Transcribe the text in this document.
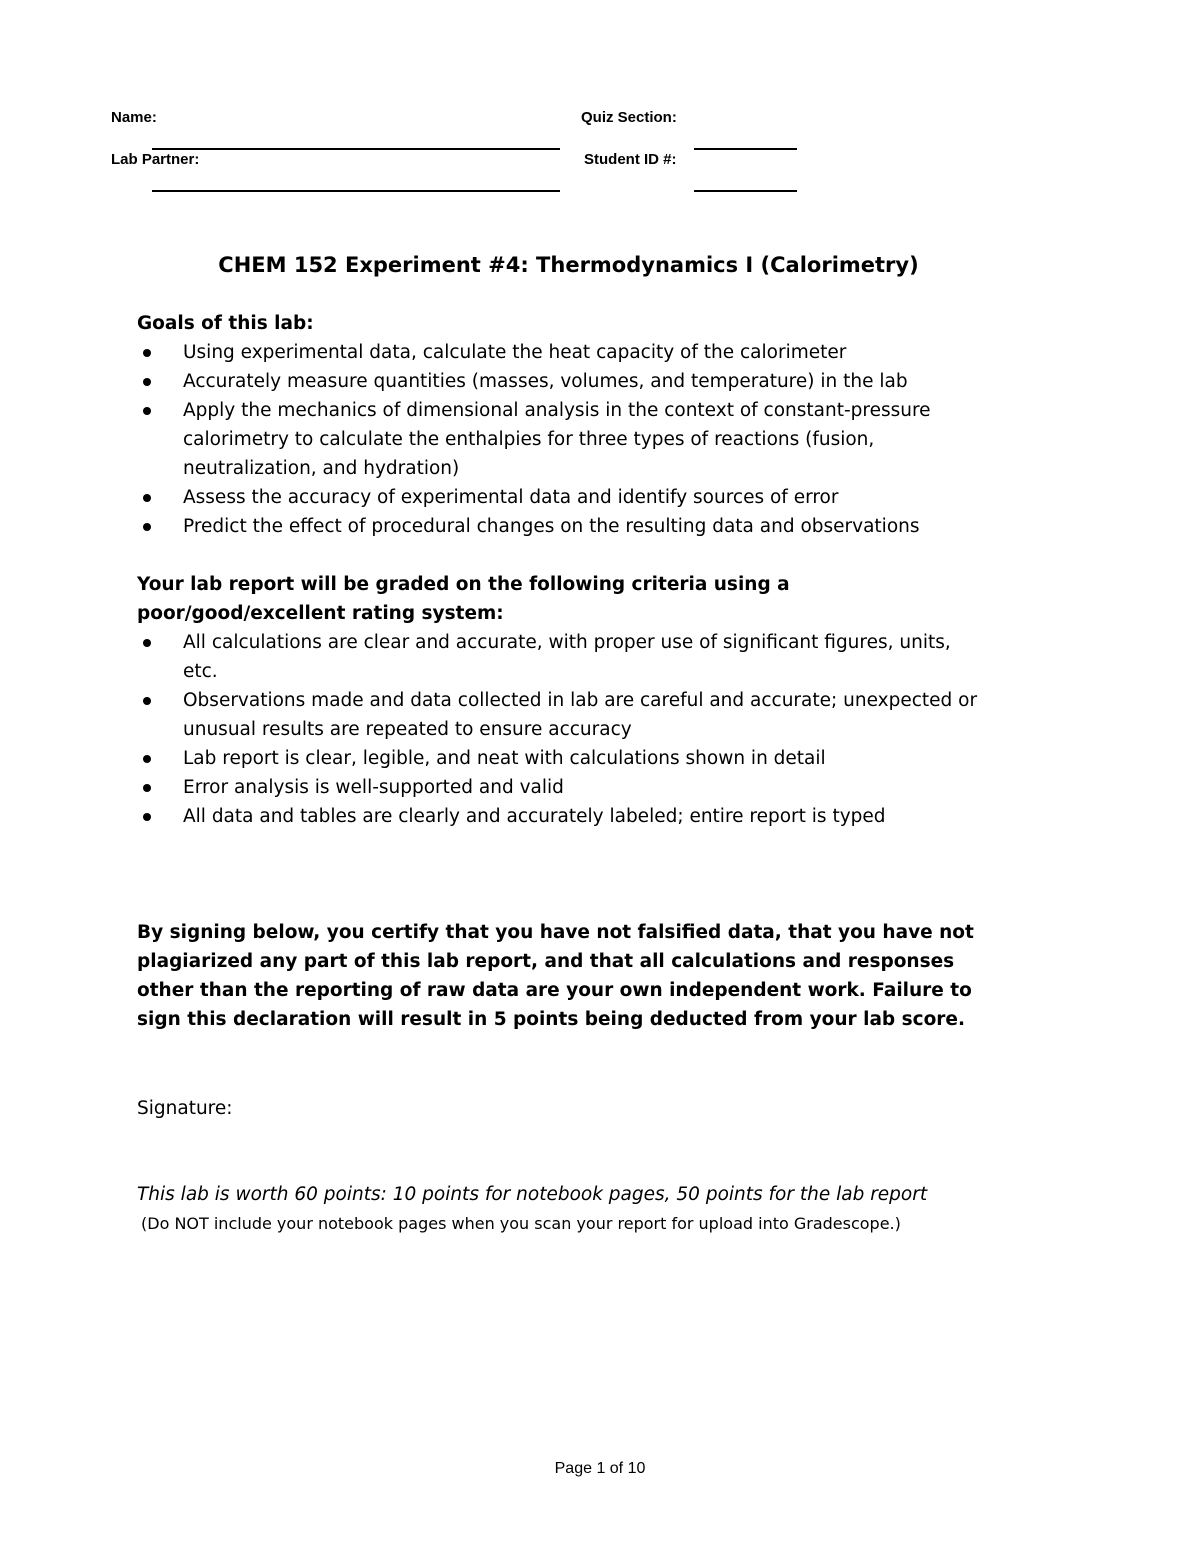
Name:	Quiz Section:
Lab Partner:	Student ID #:
CHEM 152 Experiment #4: Thermodynamics I (Calorimetry)
Goals of this lab:
Using experimental data, calculate the heat capacity of the calorimeter
Accurately measure quantities (masses, volumes, and temperature) in the lab
Apply the mechanics of dimensional analysis in the context of constant-pressure calorimetry to calculate the enthalpies for three types of reactions (fusion, neutralization, and hydration)
Assess the accuracy of experimental data and identify sources of error
Predict the effect of procedural changes on the resulting data and observations
Your lab report will be graded on the following criteria using a poor/good/excellent rating system:
All calculations are clear and accurate, with proper use of significant figures, units, etc.
Observations made and data collected in lab are careful and accurate; unexpected or unusual results are repeated to ensure accuracy
Lab report is clear, legible, and neat with calculations shown in detail
Error analysis is well-supported and valid
All data and tables are clearly and accurately labeled; entire report is typed
By signing below, you certify that you have not falsified data, that you have not plagiarized any part of this lab report, and that all calculations and responses other than the reporting of raw data are your own independent work. Failure to sign this declaration will result in 5 points being deducted from your lab score.
Signature:
This lab is worth 60 points: 10 points for notebook pages, 50 points for the lab report
(Do NOT include your notebook pages when you scan your report for upload into Gradescope.)
Page 1 of 10
